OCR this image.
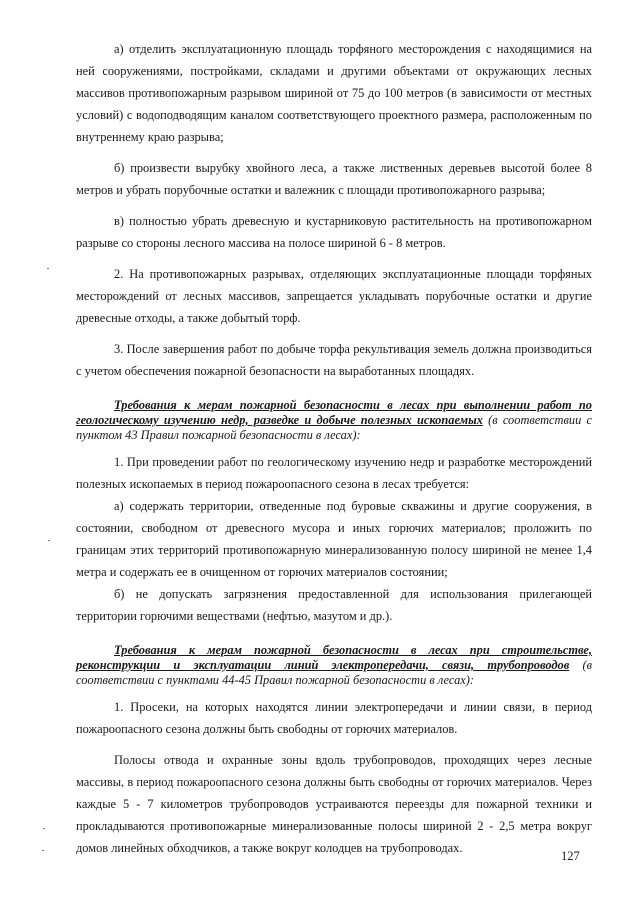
а) отделить эксплуатационную площадь торфяного месторождения с находящимися на ней сооружениями, постройками, складами и другими объектами от окружающих лесных массивов противопожарным разрывом шириной от 75 до 100 метров (в зависимости от местных условий) с водоподводящим каналом соответствующего проектного размера, расположенным по внутреннему краю разрыва;

б) произвести вырубку хвойного леса, а также лиственных деревьев высотой более 8 метров и убрать порубочные остатки и валежник с площади противопожарного разрыва;

в) полностью убрать древесную и кустарниковую растительность на противопожарном разрыве со стороны лесного массива на полосе шириной 6 - 8 метров.

2. На противопожарных разрывах, отделяющих эксплуатационные площади торфяных месторождений от лесных массивов, запрещается укладывать порубочные остатки и другие древесные отходы, а также добытый торф.

3. После завершения работ по добыче торфа рекультивация земель должна производиться с учетом обеспечения пожарной безопасности на выработанных площадях.

Требования к мерам пожарной безопасности в лесах при выполнении работ по геологическому изучению недр, разведке и добыче полезных ископаемых (в соответствии с пунктом 43 Правил пожарной безопасности в лесах):

1. При проведении работ по геологическому изучению недр и разработке месторождений полезных ископаемых в период пожароопасного сезона в лесах требуется:

а) содержать территории, отведенные под буровые скважины и другие сооружения, в состоянии, свободном от древесного мусора и иных горючих материалов; проложить по границам этих территорий противопожарную минерализованную полосу шириной не менее 1,4 метра и содержать ее в очищенном от горючих материалов состоянии;

б) не допускать загрязнения предоставленной для использования прилегающей территории горючими веществами (нефтью, мазутом и др.).

Требования к мерам пожарной безопасности в лесах при строительстве, реконструкции и эксплуатации линий электропередачи, связи, трубопроводов (в соответствии с пунктами 44-45 Правил пожарной безопасности в лесах):

1. Просеки, на которых находятся линии электропередачи и линии связи, в период пожароопасного сезона должны быть свободны от горючих материалов.

Полосы отвода и охранные зоны вдоль трубопроводов, проходящих через лесные массивы, в период пожароопасного сезона должны быть свободны от горючих материалов. Через каждые 5 - 7 километров трубопроводов устраиваются переезды для пожарной техники и прокладываются противопожарные минерализованные полосы шириной 2 - 2,5 метра вокруг домов линейных обходчиков, а также вокруг колодцев на трубопроводах.

127
